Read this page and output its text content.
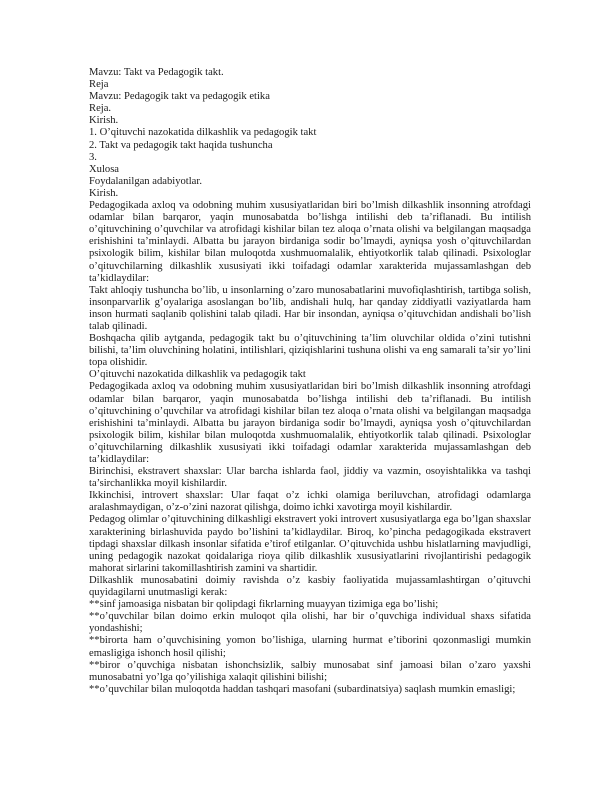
Mavzu: Takt va Pedagogik takt.

Reja

Mavzu: Pedagogik takt va pedagogik etika

Reja.

Kirish.

1. O’qituvchi nazokatida dilkashlik va pedagogik takt

2. Takt va pedagogik takt haqida tushuncha

3.

Xulosa

Foydalanilgan adabiyotlar.

Kirish.

Pedagogikada axloq va odobning muhim xususiyatlaridan biri bo’lmish dilkashlik insonning atrofdagi odamlar bilan barqaror, yaqin munosabatda bo’lishga intilishi deb ta’riflanadi. Bu intilish o’qituvchining o’quvchilar va atrofidagi kishilar bilan tez aloqa o’rnata olishi va belgilangan maqsadga erishishini ta’minlaydi. Albatta bu jarayon birdaniga sodir bo’lmaydi, ayniqsa yosh o’qituvchilardan psixologik bilim, kishilar bilan muloqotda xushmuomalalik, ehtiyotkorlik talab qilinadi. Psixologlar o’qituvchilarning dilkashlik xususiyati ikki toifadagi odamlar xarakterida mujassamlashgan deb ta’kidlaydilar:

Takt ahloqiy tushuncha bo’lib, u insonlarning o’zaro munosabatlarini muvofiqlashtirish, tartibga solish, insonparvarlik g’oyalariga asoslangan bo’lib, andishali hulq, har qanday ziddiyatli vaziyatlarda ham inson hurmati saqlanib qolishini talab qiladi. Har bir insondan, ayniqsa o’qituvchidan andishali bo’lish talab qilinadi.

Boshqacha qilib aytganda, pedagogik takt bu o’qituvchining ta’lim oluvchilar oldida o’zini tutishni bilishi, ta’lim oluvchining holatini, intilishlari, qiziqishlarini tushuna olishi va eng samarali ta’sir yo’lini topa olishidir.

O’qituvchi nazokatida dilkashlik va pedagogik takt

Pedagogikada axloq va odobning muhim xususiyatlaridan biri bo’lmish dilkashlik insonning atrofdagi odamlar bilan barqaror, yaqin munosabatda bo’lishga intilishi deb ta’riflanadi. Bu intilish o’qituvchining o’quvchilar va atrofidagi kishilar bilan tez aloqa o’rnata olishi va belgilangan maqsadga erishishini ta’minlaydi. Albatta bu jarayon birdaniga sodir bo’lmaydi, ayniqsa yosh o’qituvchilardan psixologik bilim, kishilar bilan muloqotda xushmuomalalik, ehtiyotkorlik talab qilinadi. Psixologlar o’qituvchilarning dilkashlik xususiyati ikki toifadagi odamlar xarakterida mujassamlashgan deb ta’kidlaydilar:

Birinchisi, ekstravert shaxslar: Ular barcha ishlarda faol, jiddiy va vazmin, osoyishtalikka va tashqi ta’sirchanlikka moyil kishilardir.

Ikkinchisi, introvert shaxslar: Ular faqat o’z ichki olamiga beriluvchan, atrofidagi odamlarga aralashmaydigan, o’z-o’zini nazorat qilishga, doimo ichki xavotirga moyil kishilardir.

Pedagog olimlar o’qituvchining dilkashligi ekstravert yoki introvert xususiyatlarga ega bo’lgan shaxslar xarakterining birlashuvida paydo bo’lishini ta’kidlaydilar. Biroq, ko’pincha pedagogikada ekstravert tipdagi shaxslar dilkash insonlar sifatida e’tirof etilganlar. O’qituvchida ushbu hislatlarning mavjudligi, uning pedagogik nazokat qoidalariga rioya qilib dilkashlik xususiyatlarini rivojlantirishi pedagogik mahorat sirlarini takomillashtirish zamini va shartidir.

Dilkashlik munosabatini doimiy ravishda o’z kasbiy faoliyatida mujassamlashtirgan o’qituvchi quyidagilarni unutmasligi kerak:

**sinf jamoasiga nisbatan bir qolipdagi fikrlarning muayyan tizimiga ega bo’lishi;

**o’quvchilar bilan doimo erkin muloqot qila olishi, har bir o’quvchiga individual shaxs sifatida yondashishi;

**birorta ham o’quvchisining yomon bo’lishiga, ularning hurmat e’tiborini qozonmasligi mumkin emasligiga ishonch hosil qilishi;

**biror o’quvchiga nisbatan ishonchsizlik, salbiy munosabat sinf jamoasi bilan o’zaro yaxshi munosabatni yo’lga qo’yilishiga xalaqit qilishini bilishi;

**o’quvchilar bilan muloqotda haddan tashqari masofani (subardinatsiya) saqlash mumkin emasligi;
